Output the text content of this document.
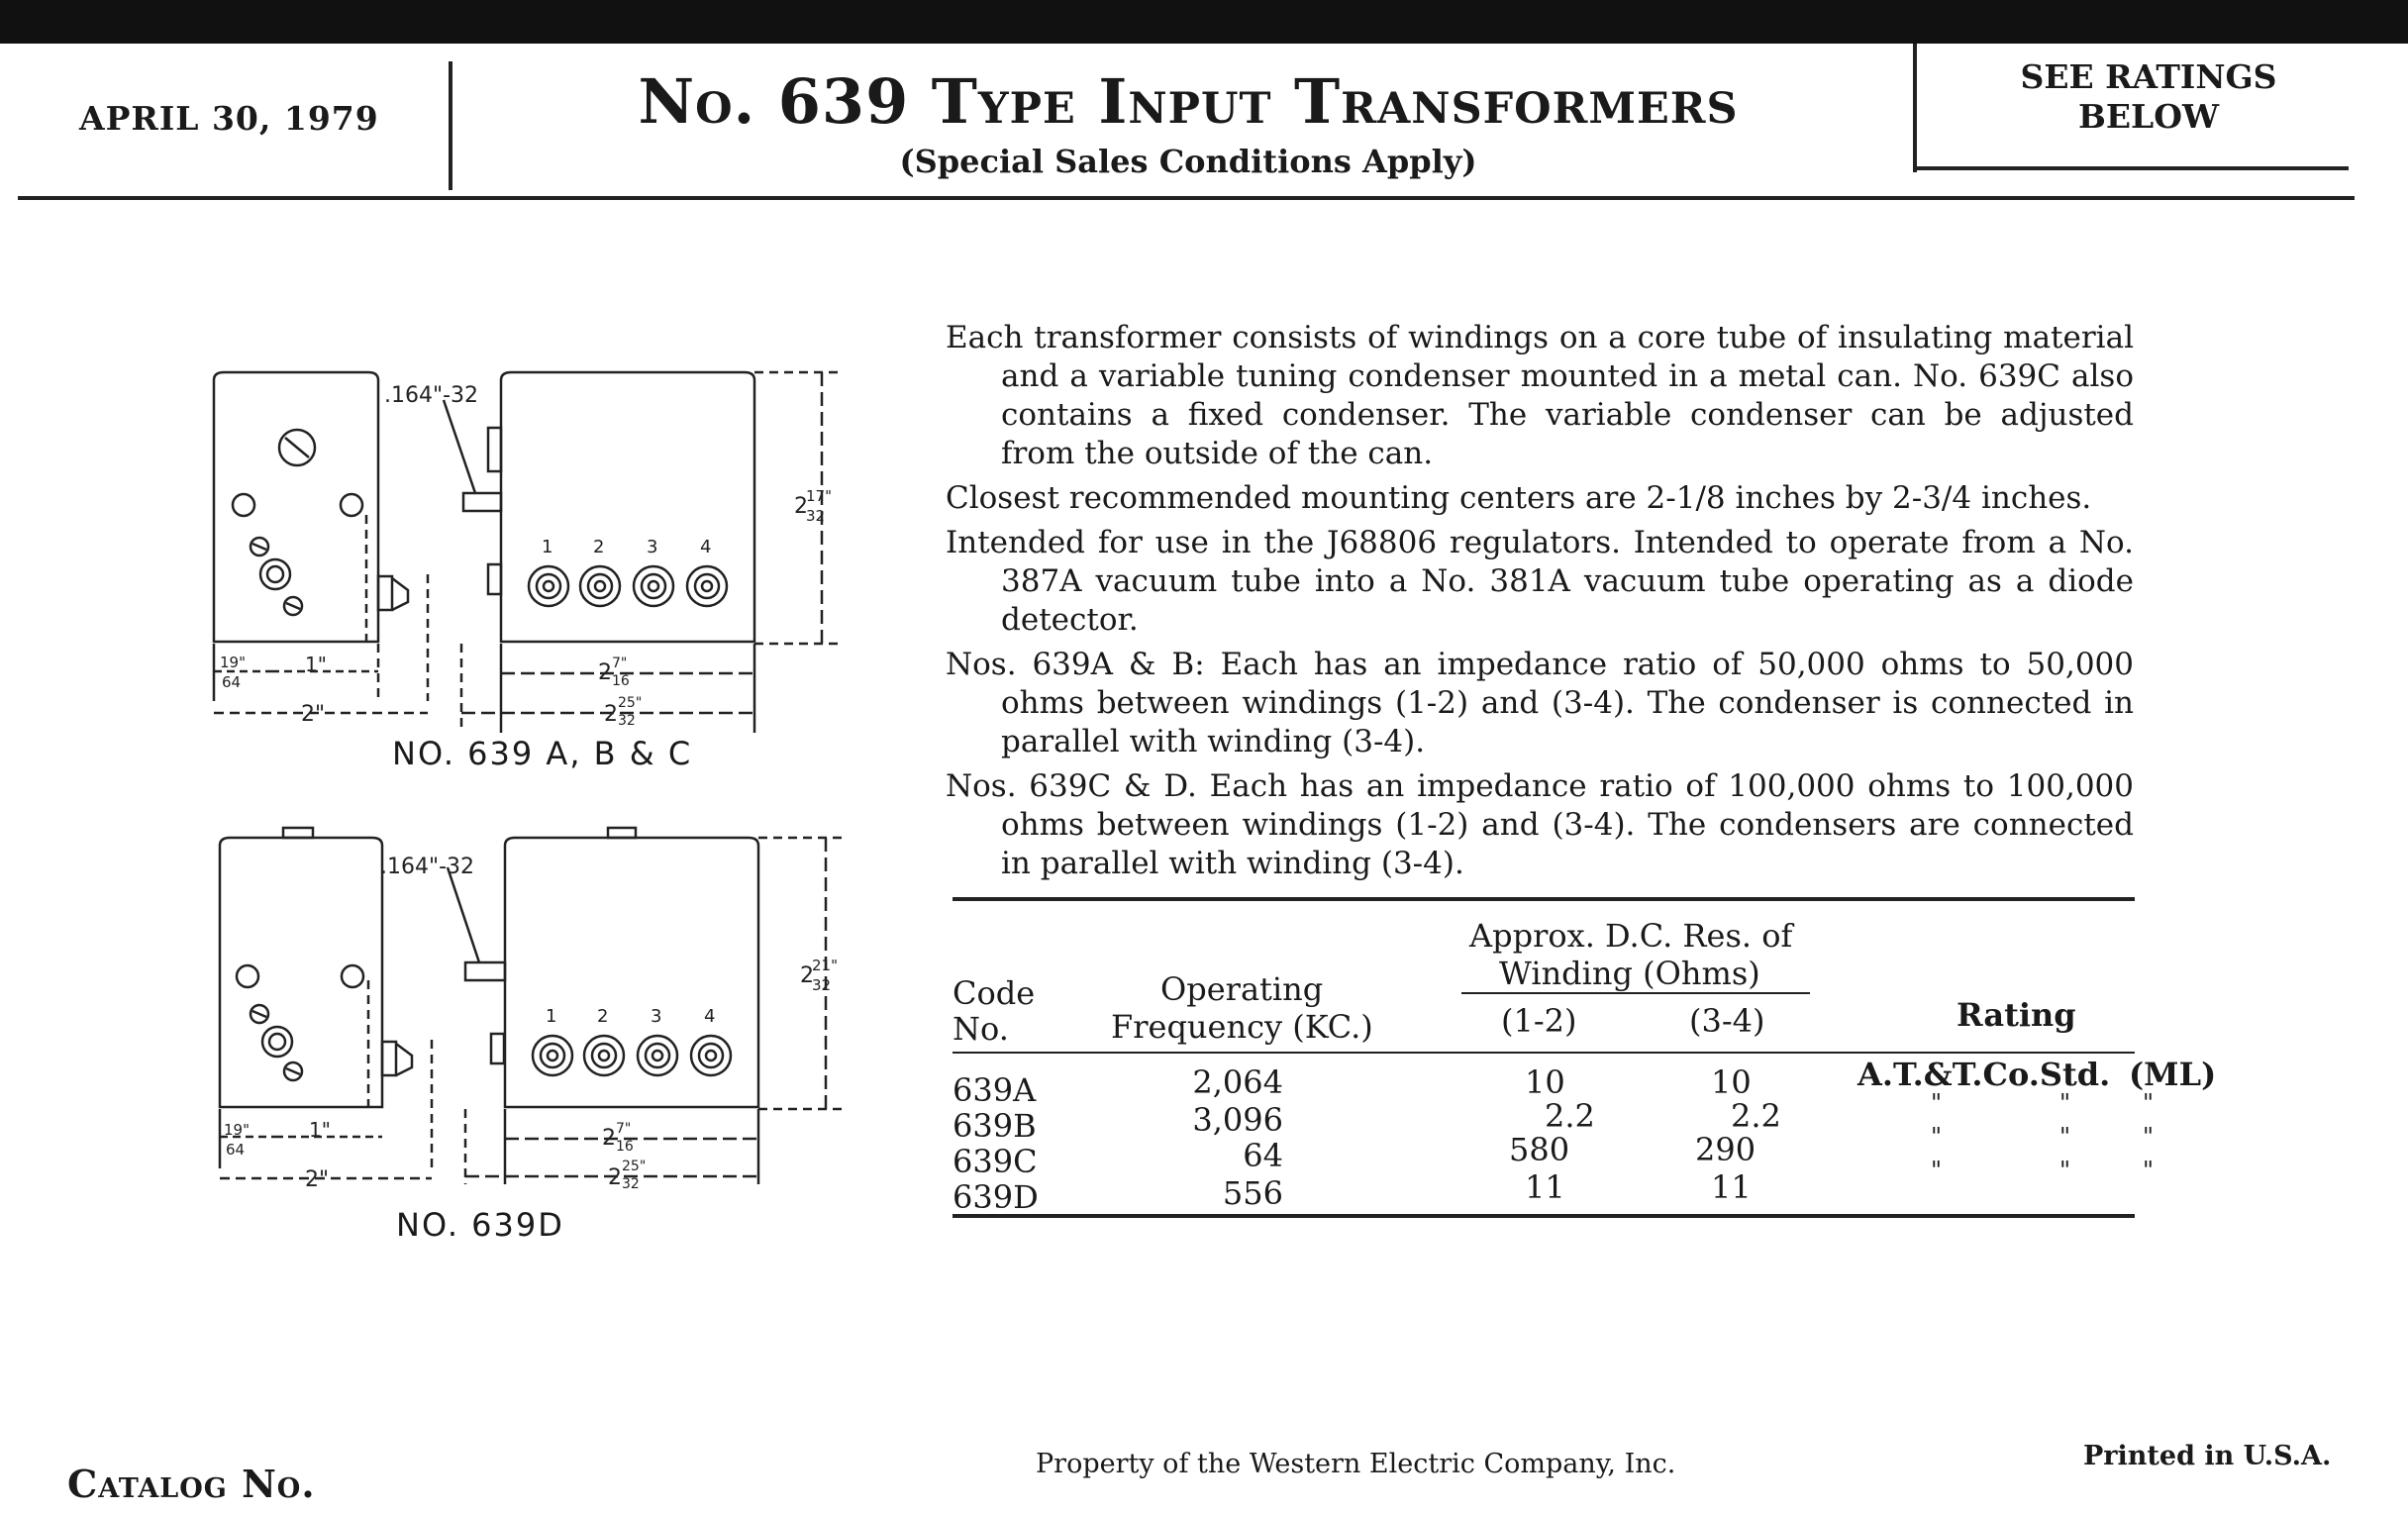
APRIL 30, 1979	No. 639 Type Input Transformers
(Special Sales Conditions Apply)
SEE RATINGS
BELOW
1 2 3 4
.164"-32
2
17"
32
19"
64
1"
2"
2 7"
16
2 25"
32
NO. 639 A, B & C
1 2 3 4
.164"-32
2
21"
32
19"
64
1"
2"
2 7"
16
2 25"
32
NO. 639D

Each transformer consists of windings on a core tube of insulating material and a variable tuning condenser mounted in a metal can. No. 639C also contains a fixed condenser. The variable condenser can be adjusted from the outside of the can.

Closest recommended mounting centers are 2-1/8 inches by 2-3/4 inches.

Intended for use in the J68806 regulators. Intended to operate from a No. 387A vacuum tube into a No. 381A vacuum tube operating as a diode detector.

Nos. 639A & B: Each has an impedance ratio of 50,000 ohms to 50,000 ohms between windings (1-2) and (3-4). The condenser is connected in parallel with winding (3-4).

Nos. 639C & D. Each has an impedance ratio of 100,000 ohms to 100,000 ohms between windings (1-2) and (3-4). The condensers are connected in parallel with winding (3-4).

Code
No.
Operating
Frequency (KC.)
Approx. D.C. Res. of
Winding (Ohms)
(1-2)	(3-4)	Rating
639A	2,064	10	10	A.T.&T.Co.Std. (ML)
639B	3,096	2.2	2.2	"	"	"
639C	64	580	290	"	"	"
639D	556	11	11	"	"	"
Catalog No.	Property of the Western Electric Company, Inc.	Printed in U.S.A.
